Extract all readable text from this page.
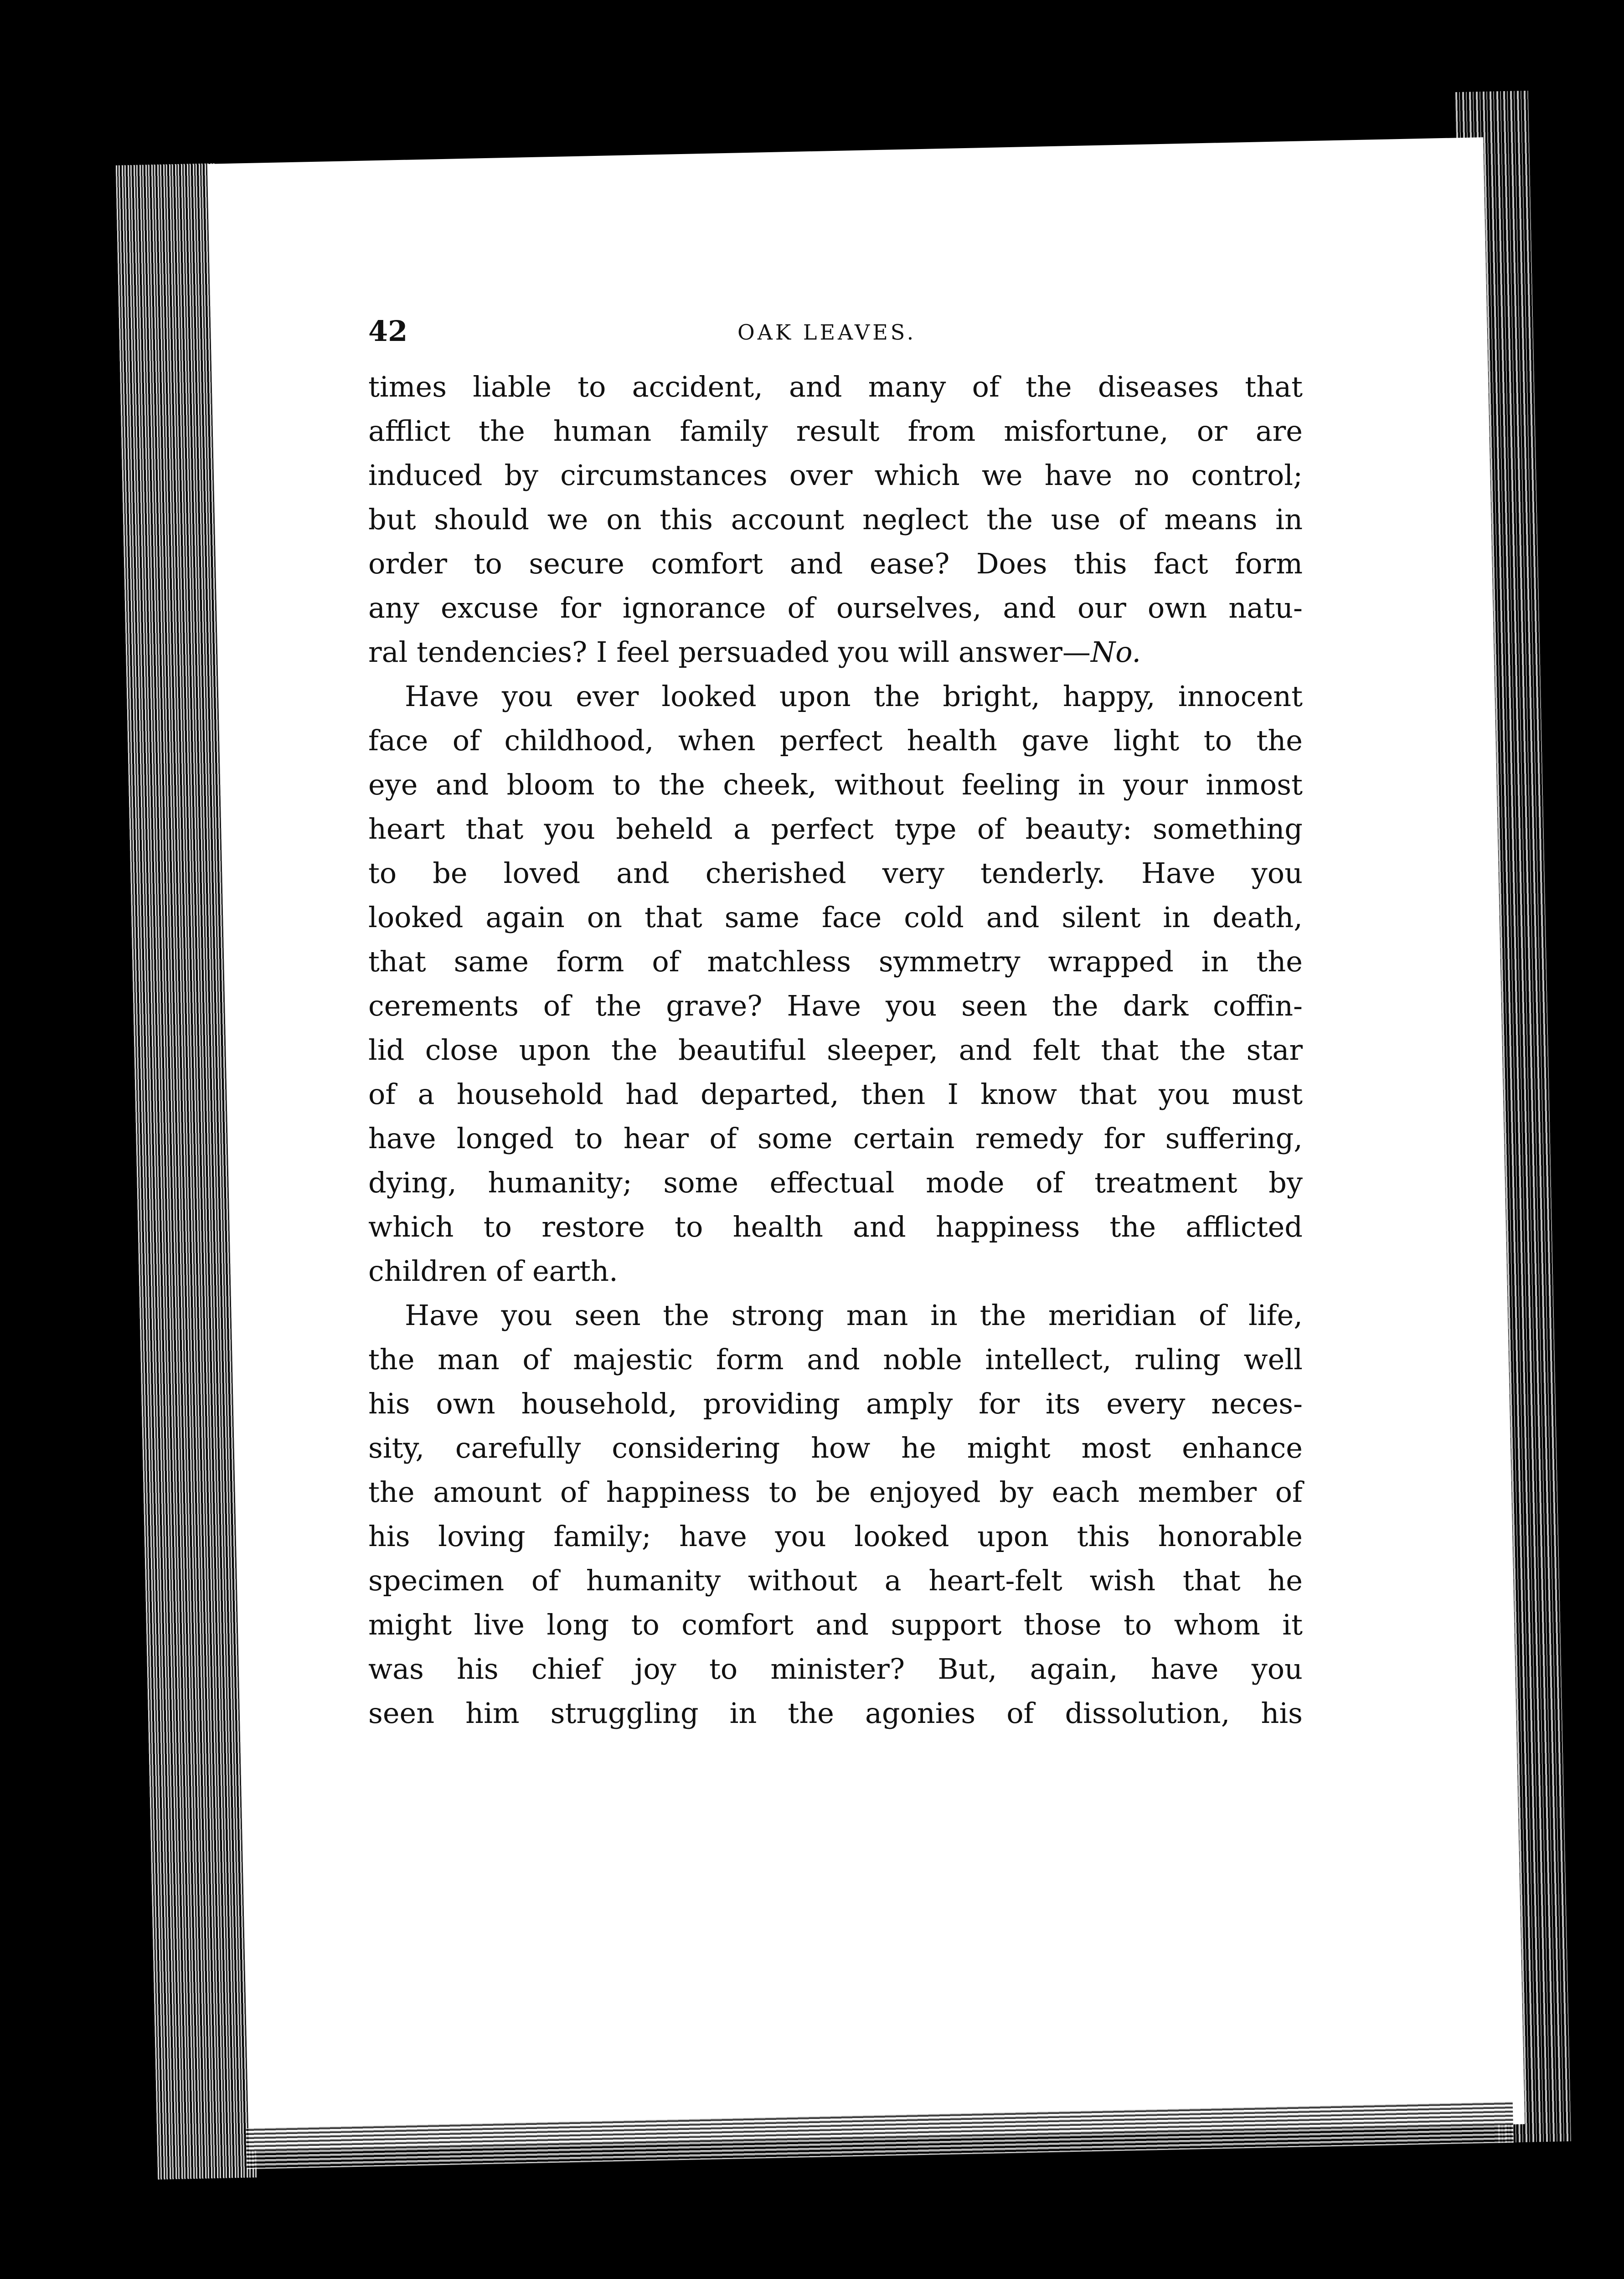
42	OAK LEAVES.
times liable to accident, and many of the diseases that
afflict the human family result from misfortune, or are
induced by circumstances over which we have no control;
but should we on this account neglect the use of means in
order to secure comfort and ease? Does this fact form
any excuse for ignorance of ourselves, and our own natu-
ral tendencies? I feel persuaded you will answer—No.
Have you ever looked upon the bright, happy, innocent
face of childhood, when perfect health gave light to the
eye and bloom to the cheek, without feeling in your inmost
heart that you beheld a perfect type of beauty: something
to be loved and cherished very tenderly. Have you
looked again on that same face cold and silent in death,
that same form of matchless symmetry wrapped in the
cerements of the grave? Have you seen the dark coffin-
lid close upon the beautiful sleeper, and felt that the star
of a household had departed, then I know that you must
have longed to hear of some certain remedy for suffering,
dying, humanity; some effectual mode of treatment by
which to restore to health and happiness the afflicted
children of earth.
Have you seen the strong man in the meridian of life,
the man of majestic form and noble intellect, ruling well
his own household, providing amply for its every neces-
sity, carefully considering how he might most enhance
the amount of happiness to be enjoyed by each member of
his loving family; have you looked upon this honorable
specimen of humanity without a heart-felt wish that he
might live long to comfort and support those to whom it
was his chief joy to minister? But, again, have you
seen him struggling in the agonies of dissolution, his
